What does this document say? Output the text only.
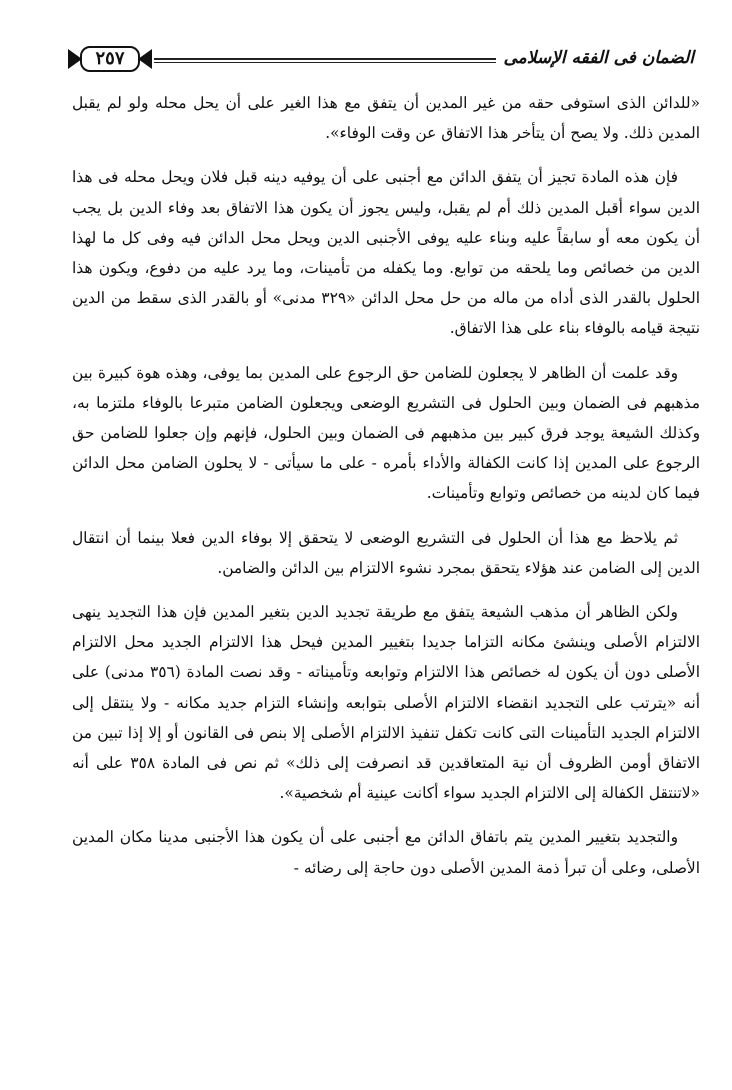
الضمان فى الفقه الإسلامى
٢٥٧

«للدائن الذى استوفى حقه من غير المدين أن يتفق مع هذا الغير على أن يحل محله ولو لم يقبل المدين ذلك. ولا يصح أن يتأخر هذا الاتفاق عن وقت الوفاء».

فإن هذه المادة تجيز أن يتفق الدائن مع أجنبى على أن يوفيه دينه قبل فلان ويحل محله فى هذا الدين سواء أقبل المدين ذلك أم لم يقبل، وليس يجوز أن يكون هذا الاتفاق بعد وفاء الدين بل يجب أن يكون معه أو سابقاً عليه وبناء عليه يوفى الأجنبى الدين ويحل محل الدائن فيه وفى كل ما لهذا الدين من خصائص وما يلحقه من توابع. وما يكفله من تأمينات، وما يرد عليه من دفوع، ويكون هذا الحلول بالقدر الذى أداه من ماله من حل محل الدائن «٣٢٩ مدنى» أو بالقدر الذى سقط من الدين نتيجة قيامه بالوفاء بناء على هذا الاتفاق.

وقد علمت أن الظاهر لا يجعلون للضامن حق الرجوع على المدين بما يوفى، وهذه هوة كبيرة بين مذهبهم فى الضمان وبين الحلول فى التشريع الوضعى ويجعلون الضامن متبرعا بالوفاء ملتزما به، وكذلك الشيعة يوجد فرق كبير بين مذهبهم فى الضمان وبين الحلول، فإنهم وإن جعلوا للضامن حق الرجوع على المدين إذا كانت الكفالة والأداء بأمره - على ما سيأتى - لا يحلون الضامن محل الدائن فيما كان لدينه من خصائص وتوابع وتأمينات.

ثم يلاحظ مع هذا أن الحلول فى التشريع الوضعى لا يتحقق إلا بوفاء الدين فعلا بينما أن انتقال الدين إلى الضامن عند هؤلاء يتحقق بمجرد نشوء الالتزام بين الدائن والضامن.

ولكن الظاهر أن مذهب الشيعة يتفق مع طريقة تجديد الدين بتغير المدين فإن هذا التجديد ينهى الالتزام الأصلى وينشئ مكانه التزاما جديدا بتغيير المدين فيحل هذا الالتزام الجديد محل الالتزام الأصلى دون أن يكون له خصائص هذا الالتزام وتوابعه وتأميناته - وقد نصت المادة (٣٥٦ مدنى) على أنه «يترتب على التجديد انقضاء الالتزام الأصلى بتوابعه وإنشاء التزام جديد مكانه - ولا ينتقل إلى الالتزام الجديد التأمينات التى كانت تكفل تنفيذ الالتزام الأصلى إلا بنص فى القانون أو إلا إذا تبين من الاتفاق أومن الظروف أن نية المتعاقدين قد انصرفت إلى ذلك» ثم نص فى المادة ٣٥٨ على أنه «لاتنتقل الكفالة إلى الالتزام الجديد سواء أكانت عينية أم شخصية».

والتجديد بتغيير المدين يتم باتفاق الدائن مع أجنبى على أن يكون هذا الأجنبى مدينا مكان المدين الأصلى، وعلى أن تبرأ ذمة المدين الأصلى دون حاجة إلى رضائه -
